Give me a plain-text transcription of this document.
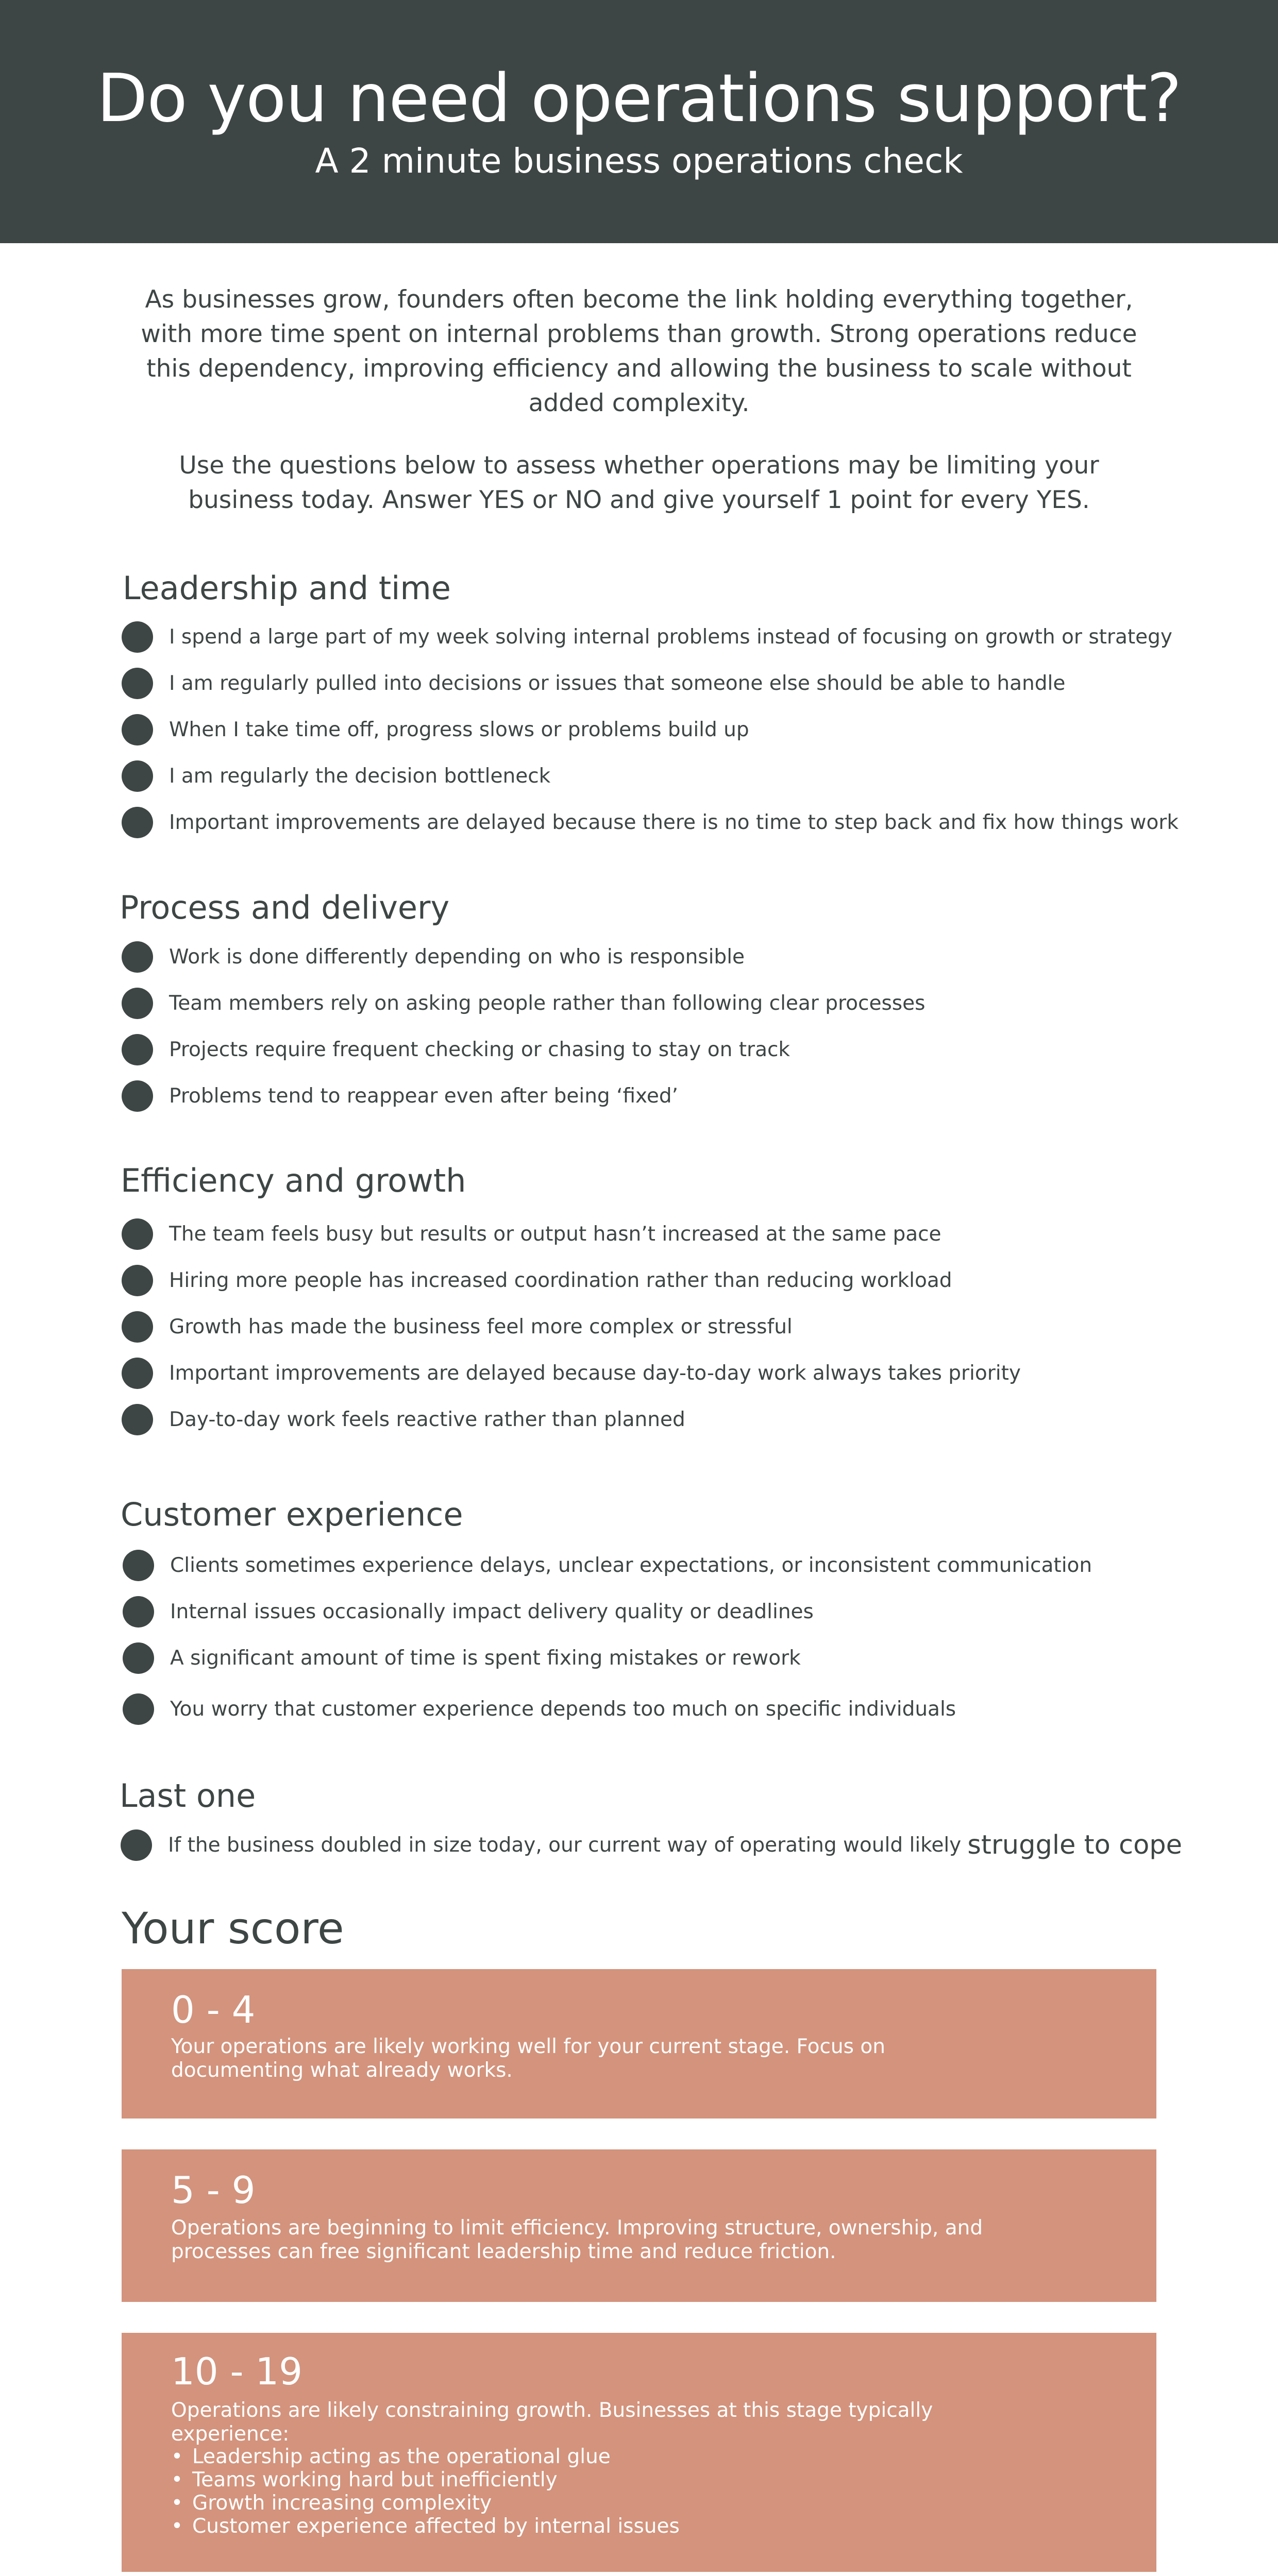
Do you need operations support?
A 2 minute business operations check

As businesses grow, founders often become the link holding everything together, with more time spent on internal problems than growth. Strong operations reduce this dependency, improving efficiency and allowing the business to scale without added complexity.

Use the questions below to assess whether operations may be limiting your business today. Answer YES or NO and give yourself 1 point for every YES.

Leadership and time
I spend a large part of my week solving internal problems instead of focusing on growth or strategy
I am regularly pulled into decisions or issues that someone else should be able to handle
When I take time off, progress slows or problems build up
I am regularly the decision bottleneck
Important improvements are delayed because there is no time to step back and fix how things work
Process and delivery
Work is done differently depending on who is responsible
Team members rely on asking people rather than following clear processes
Projects require frequent checking or chasing to stay on track
Problems tend to reappear even after being ‘fixed’
Efficiency and growth
The team feels busy but results or output hasn’t increased at the same pace
Hiring more people has increased coordination rather than reducing workload
Growth has made the business feel more complex or stressful
Important improvements are delayed because day-to-day work always takes priority
Day-to-day work feels reactive rather than planned
Customer experience
Clients sometimes experience delays, unclear expectations, or inconsistent communication
Internal issues occasionally impact delivery quality or deadlines
A significant amount of time is spent fixing mistakes or rework
You worry that customer experience depends too much on specific individuals
Last one
If the business doubled in size today, our current way of operating would likely struggle to cope
Your score
0 - 4
Your operations are likely working well for your current stage. Focus on documenting what already works.
5 - 9
Operations are beginning to limit efficiency. Improving structure, ownership, and processes can free significant leadership time and reduce friction.
10 - 19
Operations are likely constraining growth. Businesses at this stage typically experience:
• Leadership acting as the operational glue
• Teams working hard but inefficiently
• Growth increasing complexity
• Customer experience affected by internal issues
